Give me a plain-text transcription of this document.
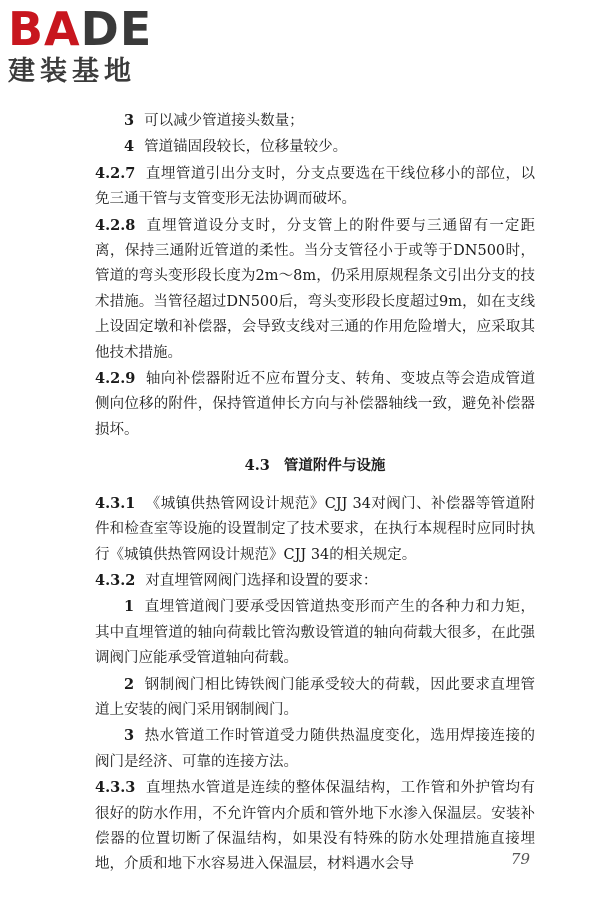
BADE
建装基地

3 可以减少管道接头数量；

4 管道锚固段较长，位移量较少。

4.2.7 直埋管道引出分支时，分支点要选在干线位移小的部位，以免三通干管与支管变形无法协调而破坏。

4.2.8 直埋管道设分支时，分支管上的附件要与三通留有一定距离，保持三通附近管道的柔性。当分支管径小于或等于DN500时，管道的弯头变形段长度为2m～8m，仍采用原规程条文引出分支的技术措施。当管径超过DN500后，弯头变形段长度超过9m，如在支线上设固定墩和补偿器，会导致支线对三通的作用危险增大，应采取其他技术措施。

4.2.9 轴向补偿器附近不应布置分支、转角、变坡点等会造成管道侧向位移的附件，保持管道伸长方向与补偿器轴线一致，避免补偿器损坏。

4.3 管道附件与设施

4.3.1 《城镇供热管网设计规范》CJJ 34对阀门、补偿器等管道附件和检查室等设施的设置制定了技术要求，在执行本规程时应同时执行《城镇供热管网设计规范》CJJ 34的相关规定。

4.3.2 对直埋管网阀门选择和设置的要求：

1 直埋管道阀门要承受因管道热变形而产生的各种力和力矩，其中直埋管道的轴向荷载比管沟敷设管道的轴向荷载大很多，在此强调阀门应能承受管道轴向荷载。

2 钢制阀门相比铸铁阀门能承受较大的荷载，因此要求直埋管道上安装的阀门采用钢制阀门。

3 热水管道工作时管道受力随供热温度变化，选用焊接连接的阀门是经济、可靠的连接方法。

4.3.3 直埋热水管道是连续的整体保温结构，工作管和外护管均有很好的防水作用，不允许管内介质和管外地下水渗入保温层。安装补偿器的位置切断了保温结构，如果没有特殊的防水处理措施直接埋地，介质和地下水容易进入保温层，材料遇水会导	79
